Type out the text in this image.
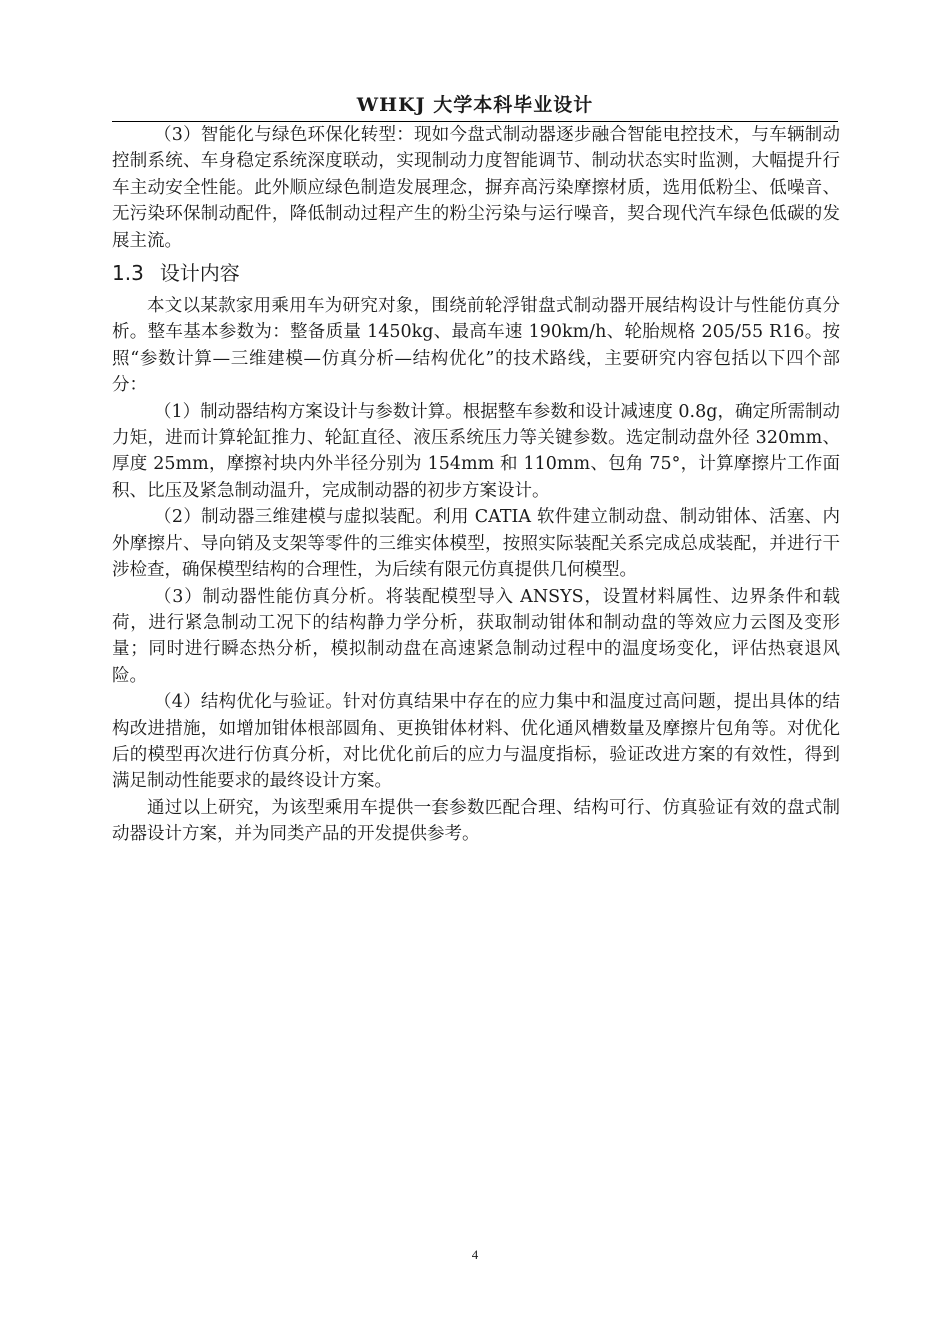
WHKJ 大学本科毕业设计

（3）智能化与绿色环保化转型：现如今盘式制动器逐步融合智能电控技术，与车辆制动控制系统、车身稳定系统深度联动，实现制动力度智能调节、制动状态实时监测，大幅提升行车主动安全性能。此外顺应绿色制造发展理念，摒弃高污染摩擦材质，选用低粉尘、低噪音、无污染环保制动配件，降低制动过程产生的粉尘污染与运行噪音，契合现代汽车绿色低碳的发展主流。

1.3 设计内容

本文以某款家用乘用车为研究对象，围绕前轮浮钳盘式制动器开展结构设计与性能仿真分析。整车基本参数为：整备质量 1450kg、最高车速 190km/h、轮胎规格 205/55 R16。按照“参数计算—三维建模—仿真分析—结构优化”的技术路线，主要研究内容包括以下四个部分：

（1）制动器结构方案设计与参数计算。根据整车参数和设计减速度 0.8g，确定所需制动力矩，进而计算轮缸推力、轮缸直径、液压系统压力等关键参数。选定制动盘外径 320mm、厚度 25mm，摩擦衬块内外半径分别为 154mm 和 110mm、包角 75°，计算摩擦片工作面积、比压及紧急制动温升，完成制动器的初步方案设计。

（2）制动器三维建模与虚拟装配。利用 CATIA 软件建立制动盘、制动钳体、活塞、内外摩擦片、导向销及支架等零件的三维实体模型，按照实际装配关系完成总成装配，并进行干涉检查，确保模型结构的合理性，为后续有限元仿真提供几何模型。

（3）制动器性能仿真分析。将装配模型导入 ANSYS，设置材料属性、边界条件和载荷，进行紧急制动工况下的结构静力学分析，获取制动钳体和制动盘的等效应力云图及变形量；同时进行瞬态热分析，模拟制动盘在高速紧急制动过程中的温度场变化，评估热衰退风险。

（4）结构优化与验证。针对仿真结果中存在的应力集中和温度过高问题，提出具体的结构改进措施，如增加钳体根部圆角、更换钳体材料、优化通风槽数量及摩擦片包角等。对优化后的模型再次进行仿真分析，对比优化前后的应力与温度指标，验证改进方案的有效性，得到满足制动性能要求的最终设计方案。

通过以上研究，为该型乘用车提供一套参数匹配合理、结构可行、仿真验证有效的盘式制动器设计方案，并为同类产品的开发提供参考。

4
